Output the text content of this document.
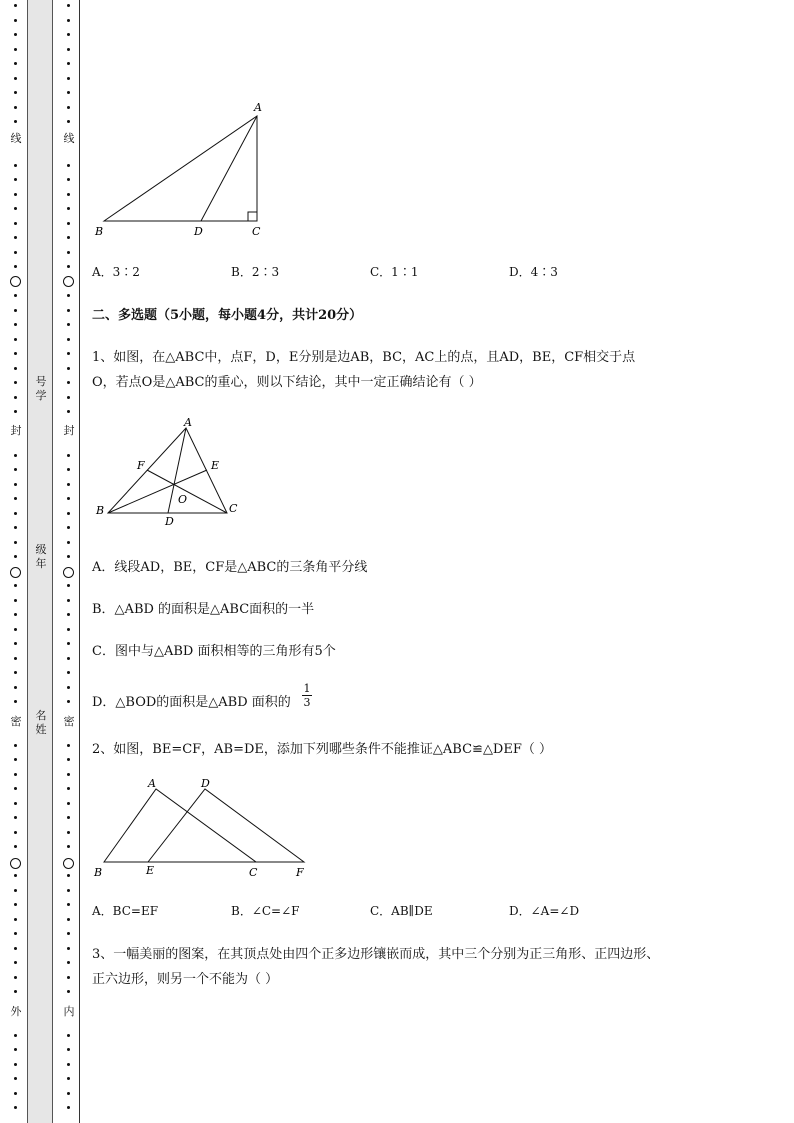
线
封
密
外
线
封
密
内
号
学
级
年
名
姓
A
B	D	C
A．3∶2	B．2∶3	C．1∶1	D．4∶3
二、多选题（5小题，每小题4分，共计20分）
1、如图，在△ABC中，点F，D，E分别是边AB，BC，AC上的点，且AD，BE，CF相交于点
O，若点O是△ABC的重心，则以下结论，其中一定正确结论有（ ）
A
B	C
D
E
F
O
A．线段AD，BE，CF是△ABC的三条角平分线
B．△ABD 的面积是△ABC面积的一半
C．图中与△ABD 面积相等的三角形有5个
D．△BOD的面积是△ABD 面积的
1
3
2、如图，BE=CF，AB=DE，添加下列哪些条件不能推证△ABC≌△DEF（ ）
A	D
B	E	C	F
A．BC=EF	B．∠C=∠F	C．AB∥DE	D．∠A=∠D
3、一幅美丽的图案，在其顶点处由四个正多边形镶嵌而成，其中三个分别为正三角形、正四边形、
正六边形，则另一个不能为（ ）
